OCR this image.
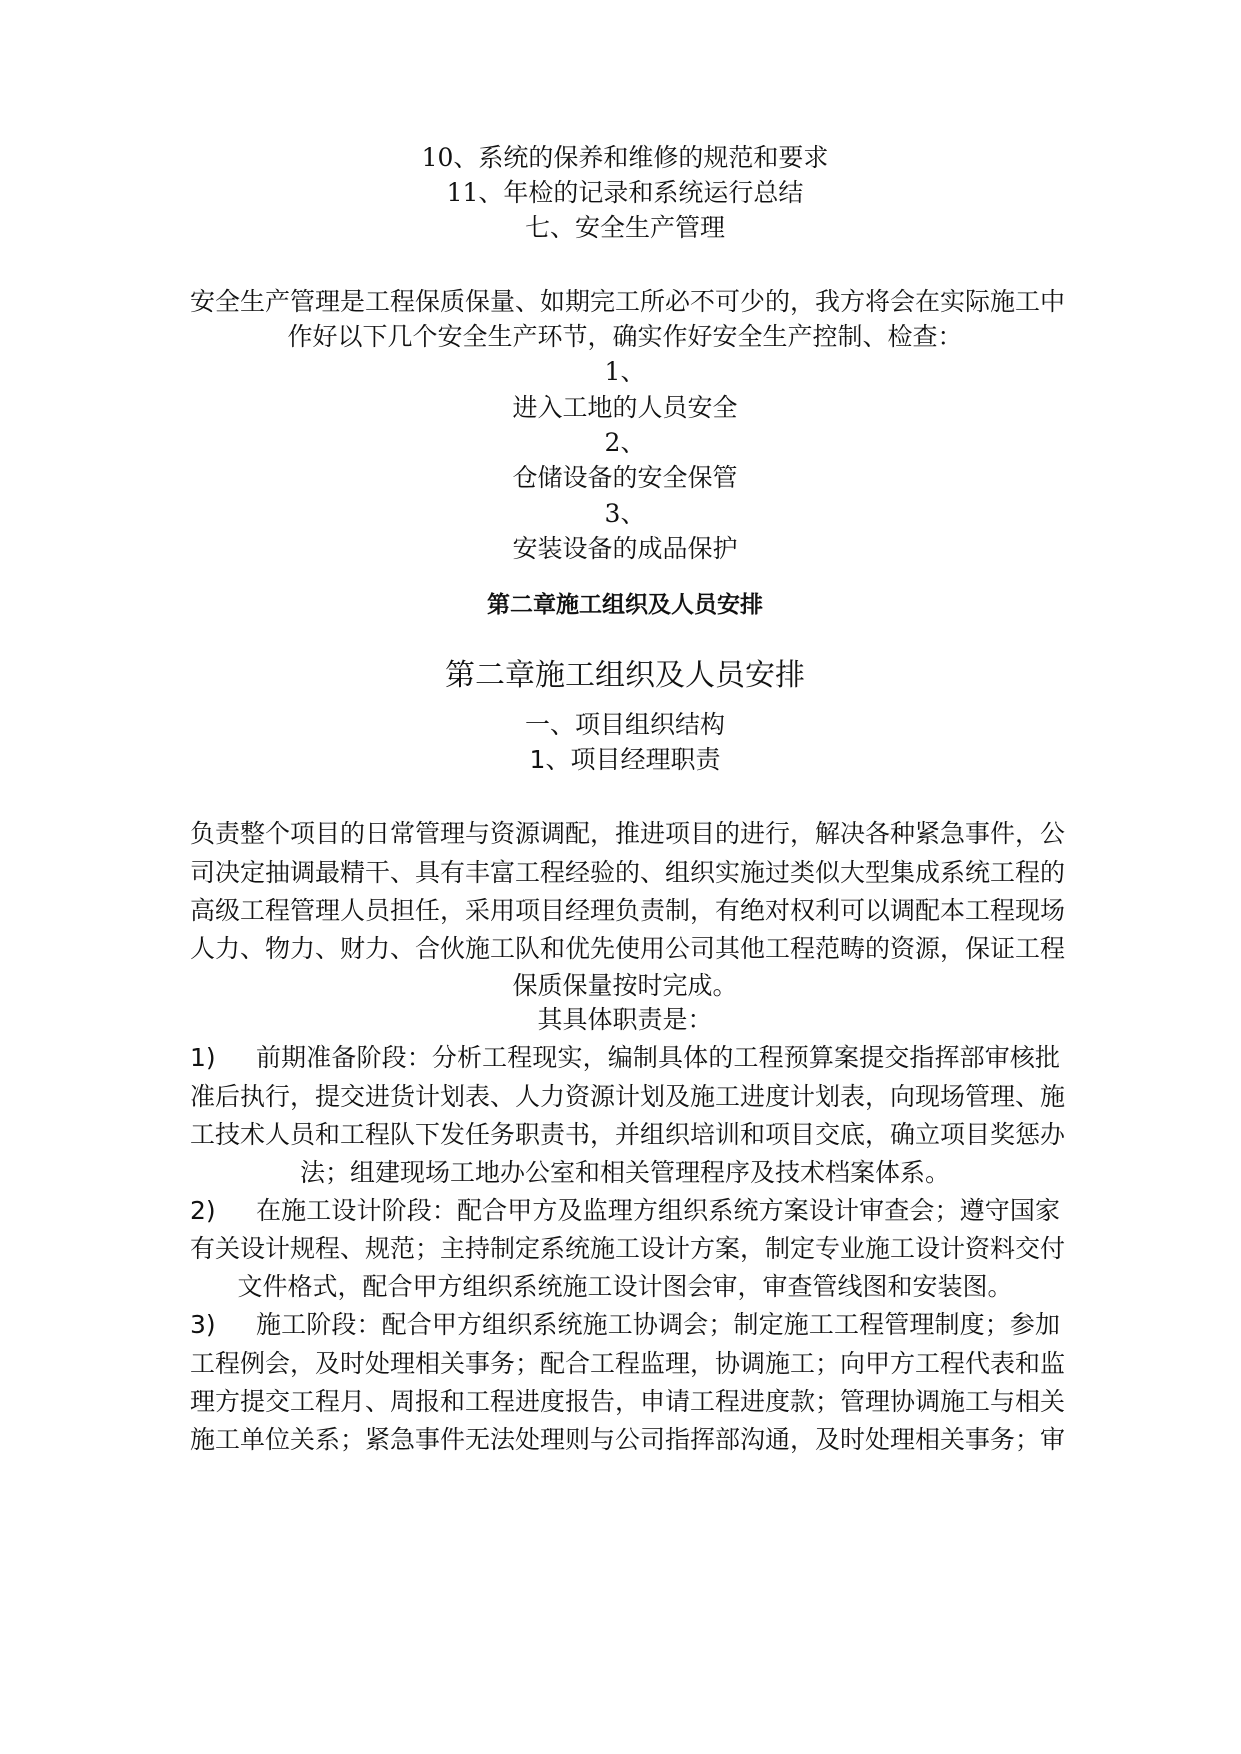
10、系统的保养和维修的规范和要求
11、年检的记录和系统运行总结
七、安全生产管理
安全生产管理是工程保质保量、如期完工所必不可少的，我方将会在实际施工中
作好以下几个安全生产环节，确实作好安全生产控制、检查：
1、
进入工地的人员安全
2、
仓储设备的安全保管
3、
安装设备的成品保护
第二章施工组织及人员安排
第二章施工组织及人员安排
一、项目组织结构
1、项目经理职责
负责整个项目的日常管理与资源调配，推进项目的进行，解决各种紧急事件，公
司决定抽调最精干、具有丰富工程经验的、组织实施过类似大型集成系统工程的
高级工程管理人员担任，采用项目经理负责制，有绝对权利可以调配本工程现场
人力、物力、财力、合伙施工队和优先使用公司其他工程范畴的资源，保证工程
保质保量按时完成。
其具体职责是：
1) 前期准备阶段：分析工程现实，编制具体的工程预算案提交指挥部审核批
准后执行，提交进货计划表、人力资源计划及施工进度计划表，向现场管理、施
工技术人员和工程队下发任务职责书，并组织培训和项目交底，确立项目奖惩办
法；组建现场工地办公室和相关管理程序及技术档案体系。
2) 在施工设计阶段：配合甲方及监理方组织系统方案设计审查会；遵守国家
有关设计规程、规范；主持制定系统施工设计方案，制定专业施工设计资料交付
文件格式，配合甲方组织系统施工设计图会审，审查管线图和安装图。
3) 施工阶段：配合甲方组织系统施工协调会；制定施工工程管理制度；参加
工程例会，及时处理相关事务；配合工程监理，协调施工；向甲方工程代表和监
理方提交工程月、周报和工程进度报告，申请工程进度款；管理协调施工与相关
施工单位关系；紧急事件无法处理则与公司指挥部沟通，及时处理相关事务；审
